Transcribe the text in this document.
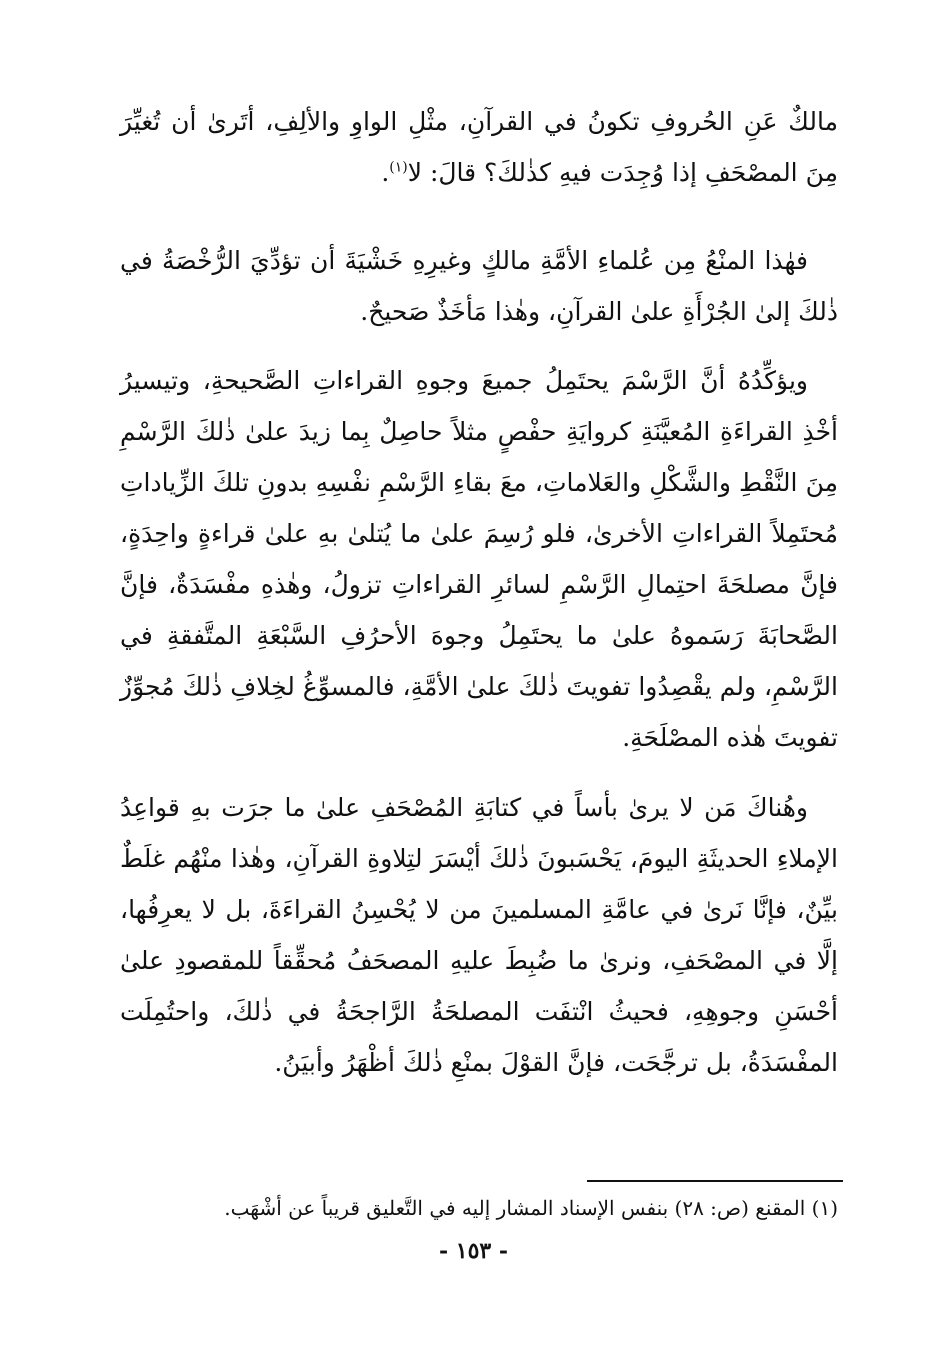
مالكٌ عَنِ الحُروفِ تكونُ في القرآنِ، مثْلِ الواوِ والألِفِ، أتَرىٰ أن تُغيِّرَ مِنَ المصْحَفِ إذا وُجِدَت فيهِ كذٰلكَ؟ قالَ: لا$^{(١)}$.

فهٰذا المنْعُ مِن عُلماءِ الأمَّةِ مالكٍ وغيرِهِ خَشْيَةَ أن تؤدِّيَ الرُّخْصَةُ في ذٰلكَ إلىٰ الجُرْأَةِ علىٰ القرآنِ، وهٰذا مَأخَذٌ صَحيحٌ.

ويؤكِّدُهُ أنَّ الرَّسْمَ يحتَمِلُ جميعَ وجوهِ القراءاتِ الصَّحيحةِ، وتيسيرُ أخْذِ القراءَةِ المُعيَّنَةِ كروايَةِ حفْصٍ مثلاً حاصِلٌ بِما زيدَ علىٰ ذٰلكَ الرَّسْمِ مِنَ النَّقْطِ والشَّكْلِ والعَلاماتِ، معَ بقاءِ الرَّسْمِ نفْسِهِ بدونِ تلكَ الزِّياداتِ مُحتَمِلاً القراءاتِ الأخرىٰ، فلو رُسِمَ علىٰ ما يُتلىٰ بهِ علىٰ قراءةٍ واحِدَةٍ، فإنَّ مصلحَةَ احتِمالِ الرَّسْمِ لسائرِ القراءاتِ تزولُ، وهٰذهِ مفْسَدَةٌ، فإنَّ الصَّحابَةَ رَسَموهُ علىٰ ما يحتَمِلُ وجوهَ الأحرُفِ السَّبْعَةِ المتَّفقةِ في الرَّسْمِ، ولم يقْصِدُوا تفويتَ ذٰلكَ علىٰ الأمَّةِ، فالمسوِّغُ لخِلافِ ذٰلكَ مُجوِّزٌ تفويتَ هٰذه المصْلَحَةِ.

وهُناكَ مَن لا يرىٰ بأساً في كتابَةِ المُصْحَفِ علىٰ ما جرَت بهِ قواعِدُ الإملاءِ الحديثَةِ اليومَ، يَحْسَبونَ ذٰلكَ أيْسَرَ لتِلاوةِ القرآنِ، وهٰذا منْهُم غلَطٌ بيِّنٌ، فإنَّا نَرىٰ في عامَّةِ المسلمينَ من لا يُحْسِنُ القراءَةَ، بل لا يعرِفُها، إلَّا في المصْحَفِ، ونرىٰ ما ضُبِطَ عليهِ المصحَفُ مُحقِّقاً للمقصودِ علىٰ أحْسَنِ وجوهِهِ، فحيثُ انْتفَت المصلحَةُ الرَّاجحَةُ في ذٰلكَ، واحتُمِلَت المفْسَدَةُ، بل ترجَّحَت، فإنَّ القوْلَ بمنْعِ ذٰلكَ أظْهَرُ وأبيَنُ.

(١) المقنع (ص: ٢٨) بنفس الإسناد المشار إليه في التَّعليق قريباً عن أشْهَب.

- ١٥٣ -
